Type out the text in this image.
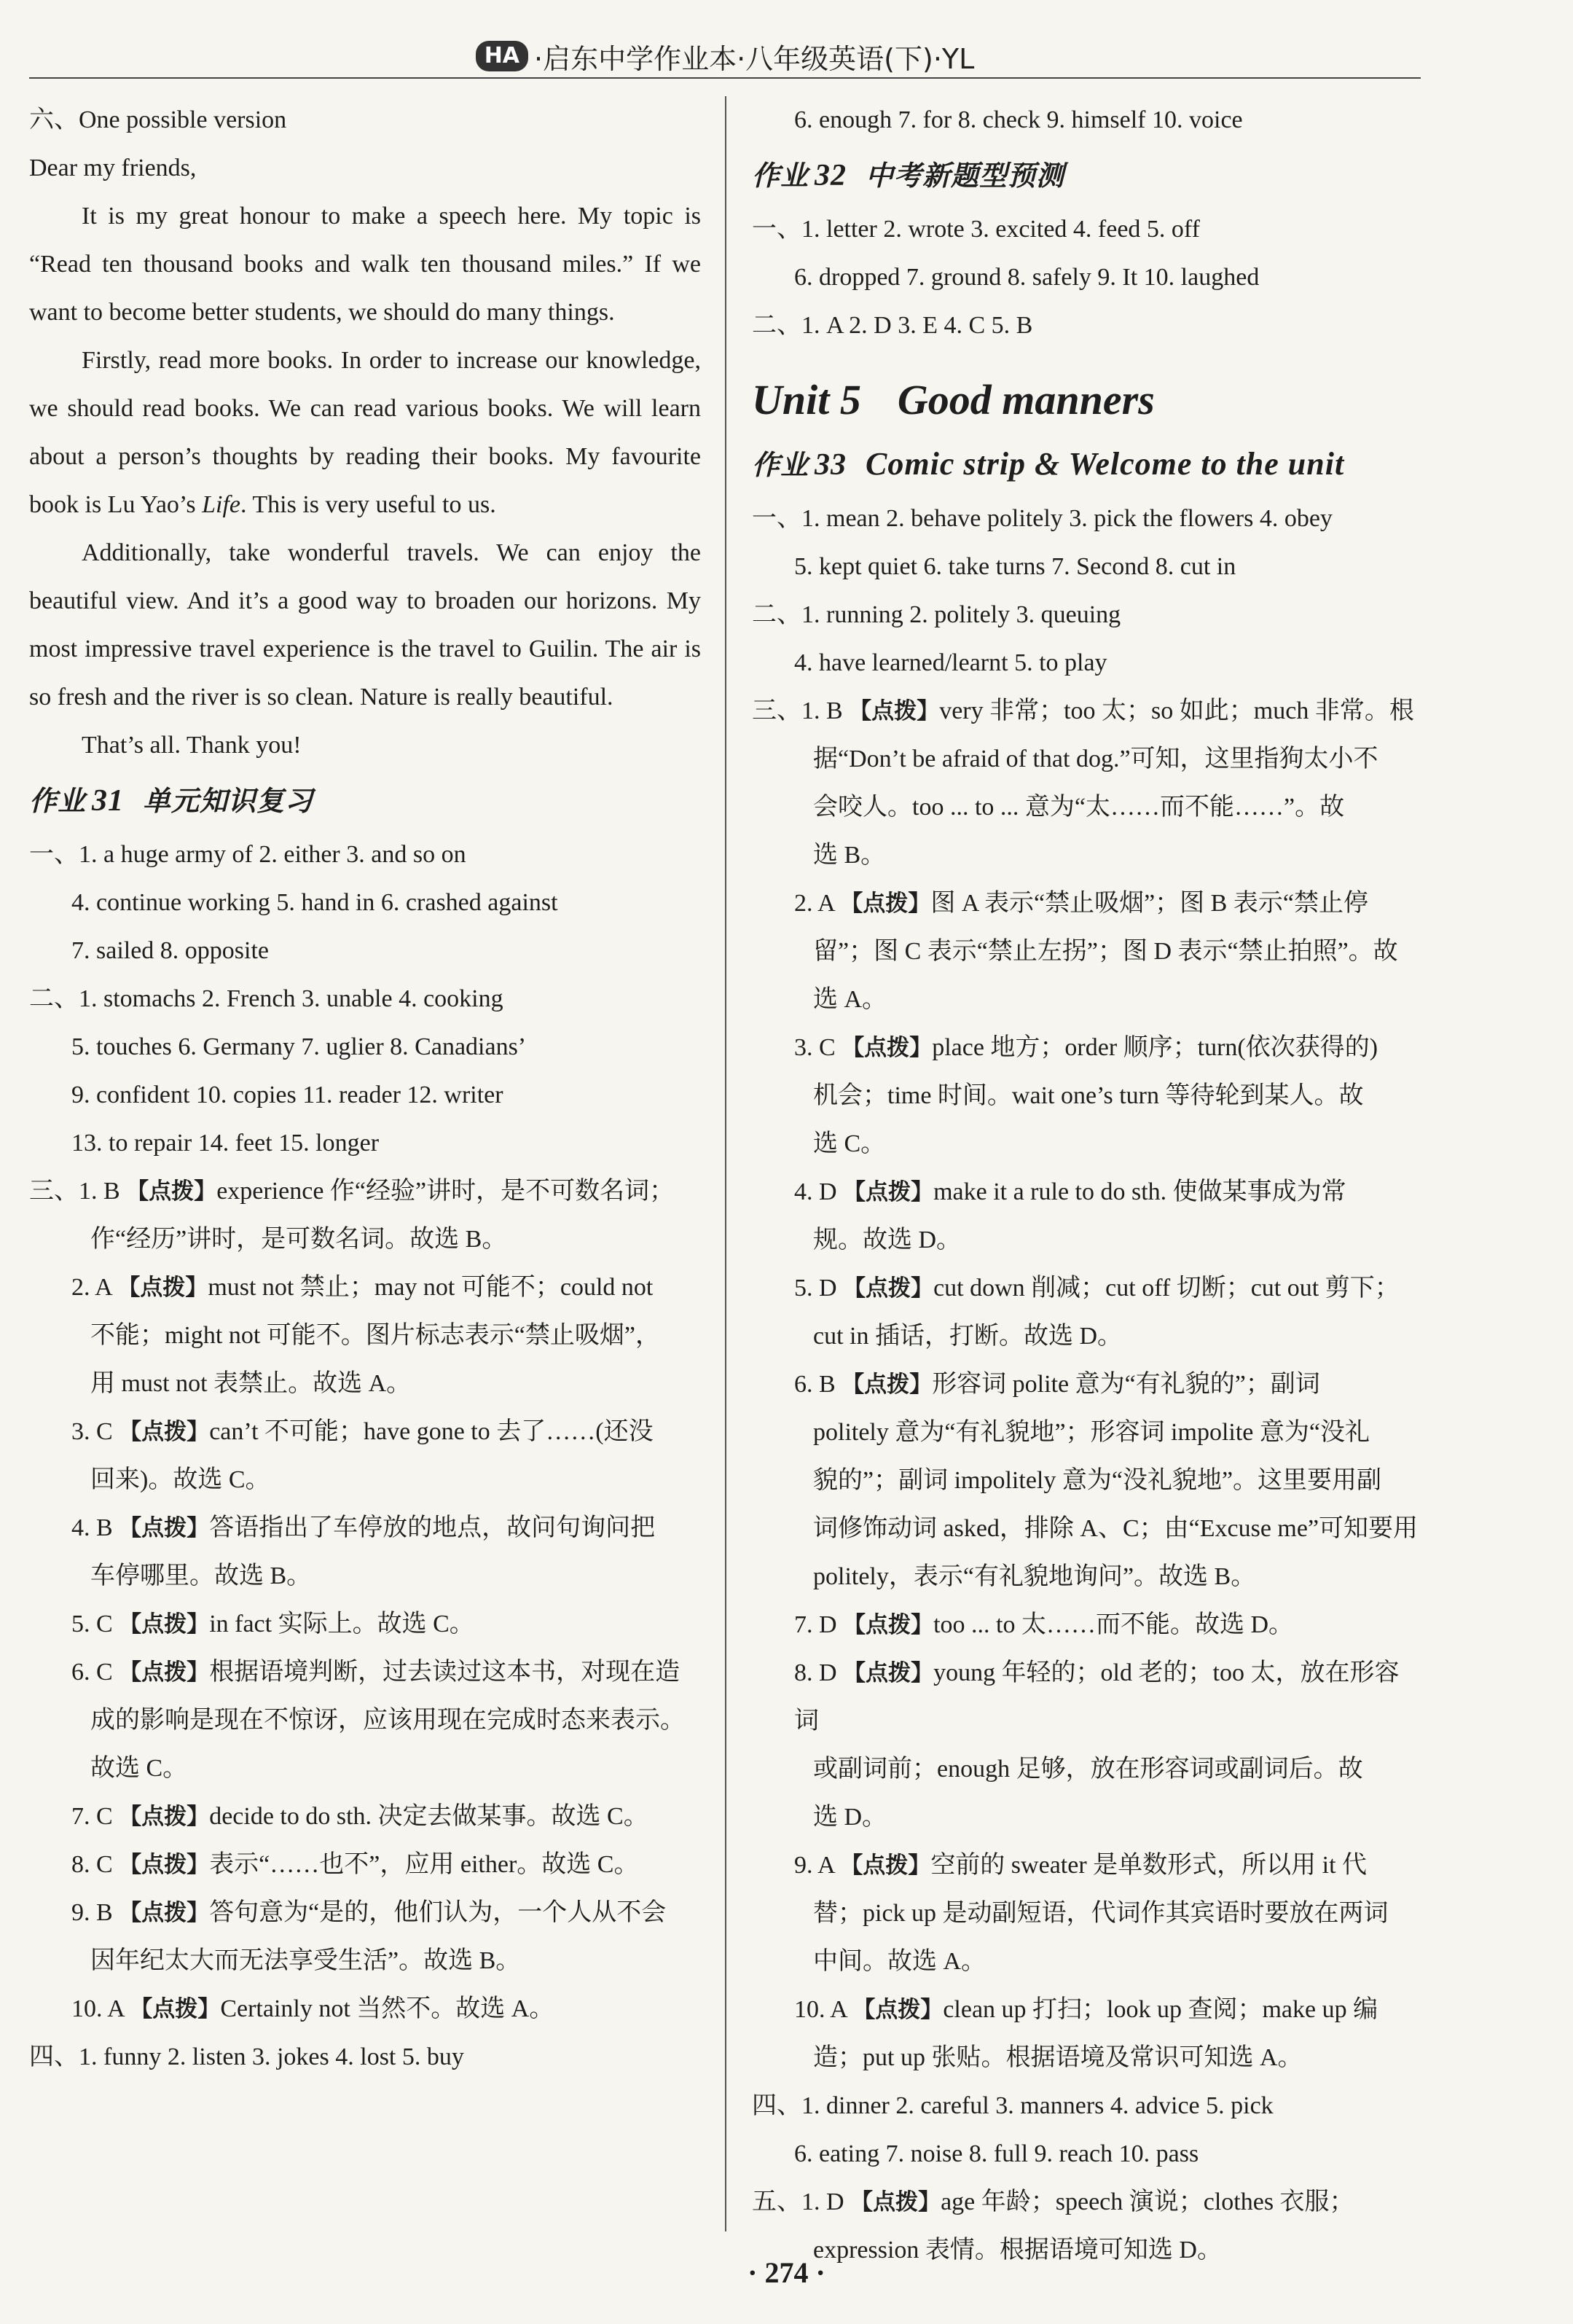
HA ·启东中学作业本·八年级英语(下)·YL

六、One possible version

Dear my friends,

It is my great honour to make a speech here. My topic is “Read ten thousand books and walk ten thousand miles.” If we want to become better students, we should do many things.

Firstly, read more books. In order to increase our knowledge, we should read books. We can read various books. We will learn about a person’s thoughts by reading their books. My favourite book is Lu Yao’s Life. This is very useful to us.

Additionally, take wonderful travels. We can enjoy the beautiful view. And it’s a good way to broaden our horizons. My most impressive travel experience is the travel to Guilin. The air is so fresh and the river is so clean. Nature is really beautiful.

That’s all. Thank you!

作业 31 单元知识复习

一、1. a huge army of 2. either 3. and so on

4. continue working 5. hand in 6. crashed against

7. sailed 8. opposite

二、1. stomachs 2. French 3. unable 4. cooking

5. touches 6. Germany 7. uglier 8. Canadians’

9. confident 10. copies 11. reader 12. writer

13. to repair 14. feet 15. longer

三、1. B 【点拨】experience 作“经验”讲时，是不可数名词；

作“经历”讲时，是可数名词。故选 B。

2. A 【点拨】must not 禁止；may not 可能不；could not

不能；might not 可能不。图片标志表示“禁止吸烟”，

用 must not 表禁止。故选 A。

3. C 【点拨】can’t 不可能；have gone to 去了……(还没

回来)。故选 C。

4. B 【点拨】答语指出了车停放的地点，故问句询问把

车停哪里。故选 B。

5. C 【点拨】in fact 实际上。故选 C。

6. C 【点拨】根据语境判断，过去读过这本书，对现在造

成的影响是现在不惊讶，应该用现在完成时态来表示。

故选 C。

7. C 【点拨】decide to do sth. 决定去做某事。故选 C。

8. C 【点拨】表示“……也不”，应用 either。故选 C。

9. B 【点拨】答句意为“是的，他们认为，一个人从不会

因年纪太大而无法享受生活”。故选 B。

10. A 【点拨】Certainly not 当然不。故选 A。

四、1. funny 2. listen 3. jokes 4. lost 5. buy

6. enough 7. for 8. check 9. himself 10. voice

作业 32 中考新题型预测

一、1. letter 2. wrote 3. excited 4. feed 5. off

6. dropped 7. ground 8. safely 9. It 10. laughed

二、1. A 2. D 3. E 4. C 5. B

Unit 5 Good manners
作业 33 Comic strip & Welcome to the unit

一、1. mean 2. behave politely 3. pick the flowers 4. obey

5. kept quiet 6. take turns 7. Second 8. cut in

二、1. running 2. politely 3. queuing

4. have learned/learnt 5. to play

三、1. B 【点拨】very 非常；too 太；so 如此；much 非常。根

据“Don’t be afraid of that dog.”可知，这里指狗太小不

会咬人。too ... to ... 意为“太……而不能……”。故

选 B。

2. A 【点拨】图 A 表示“禁止吸烟”；图 B 表示“禁止停

留”；图 C 表示“禁止左拐”；图 D 表示“禁止拍照”。故

选 A。

3. C 【点拨】place 地方；order 顺序；turn(依次获得的)

机会；time 时间。wait one’s turn 等待轮到某人。故

选 C。

4. D 【点拨】make it a rule to do sth. 使做某事成为常

规。故选 D。

5. D 【点拨】cut down 削减；cut off 切断；cut out 剪下；

cut in 插话，打断。故选 D。

6. B 【点拨】形容词 polite 意为“有礼貌的”；副词

politely 意为“有礼貌地”；形容词 impolite 意为“没礼

貌的”；副词 impolitely 意为“没礼貌地”。这里要用副

词修饰动词 asked，排除 A、C；由“Excuse me”可知要用

politely，表示“有礼貌地询问”。故选 B。

7. D 【点拨】too ... to 太……而不能。故选 D。

8. D 【点拨】young 年轻的；old 老的；too 太，放在形容词

或副词前；enough 足够，放在形容词或副词后。故

选 D。

9. A 【点拨】空前的 sweater 是单数形式，所以用 it 代

替；pick up 是动副短语，代词作其宾语时要放在两词

中间。故选 A。

10. A 【点拨】clean up 打扫；look up 查阅；make up 编

造；put up 张贴。根据语境及常识可知选 A。

四、1. dinner 2. careful 3. manners 4. advice 5. pick

6. eating 7. noise 8. full 9. reach 10. pass

五、1. D 【点拨】age 年龄；speech 演说；clothes 衣服；

expression 表情。根据语境可知选 D。

· 274 ·
